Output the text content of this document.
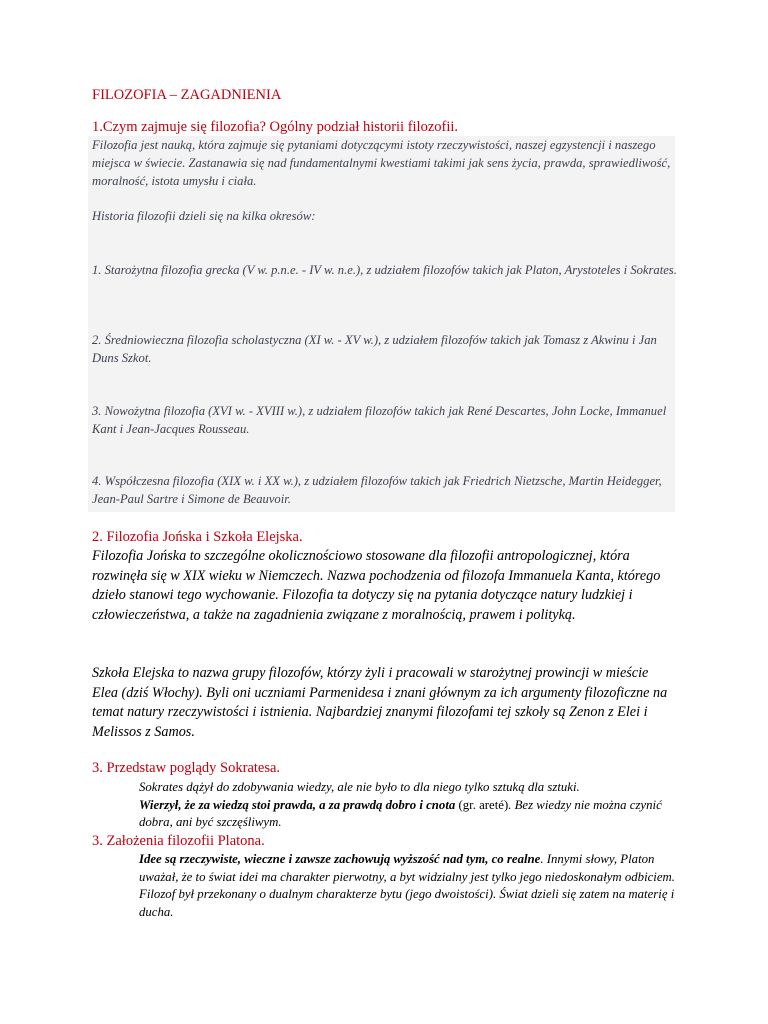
FILOZOFIA – ZAGADNIENIA
1.Czym zajmuje się filozofia? Ogólny podział historii filozofii.

Filozofia jest nauką, która zajmuje się pytaniami dotyczącymi istoty rzeczywistości, naszej egzystencji i naszego miejsca w świecie. Zastanawia się nad fundamentalnymi kwestiami takimi jak sens życia, prawda, sprawiedliwość, moralność, istota umysłu i ciała.

Historia filozofii dzieli się na kilka okresów:

1. Starożytna filozofia grecka (V w. p.n.e. - IV w. n.e.), z udziałem filozofów takich jak Platon, Arystoteles i Sokrates.

2. Średniowieczna filozofia scholastyczna (XI w. - XV w.), z udziałem filozofów takich jak Tomasz z Akwinu i Jan Duns Szkot.

3. Nowożytna filozofia (XVI w. - XVIII w.), z udziałem filozofów takich jak René Descartes, John Locke, Immanuel Kant i Jean-Jacques Rousseau.

4. Współczesna filozofia (XIX w. i XX w.), z udziałem filozofów takich jak Friedrich Nietzsche, Martin Heidegger, Jean-Paul Sartre i Simone de Beauvoir.

2. Filozofia Jońska i Szkoła Elejska.

Filozofia Jońska to szczególne okolicznościowo stosowane dla filozofii antropologicznej, która rozwinęła się w XIX wieku w Niemczech. Nazwa pochodzenia od filozofa Immanuela Kanta, którego dzieło stanowi tego wychowanie. Filozofia ta dotyczy się na pytania dotyczące natury ludzkiej i człowieczeństwa, a także na zagadnienia związane z moralnością, prawem i polityką.

Szkoła Elejska to nazwa grupy filozofów, którzy żyli i pracowali w starożytnej prowincji w mieście Elea (dziś Włochy). Byli oni uczniami Parmenidesa i znani głównym za ich argumenty filozoficzne na temat natury rzeczywistości i istnienia. Najbardziej znanymi filozofami tej szkoły są Zenon z Elei i Melissos z Samos.

3. Przedstaw poglądy Sokratesa.

Sokrates dążył do zdobywania wiedzy, ale nie było to dla niego tylko sztuką dla sztuki.
Wierzył, że za wiedzą stoi prawda, a za prawdą dobro i cnota (gr. areté). Bez wiedzy nie można czynić dobra, ani być szczęśliwym.

3. Założenia filozofii Platona.

Idee są rzeczywiste, wieczne i zawsze zachowują wyższość nad tym, co realne. Innymi słowy, Platon uważał, że to świat idei ma charakter pierwotny, a byt widzialny jest tylko jego niedoskonałym odbiciem. Filozof był przekonany o dualnym charakterze bytu (jego dwoistości). Świat dzieli się zatem na materię i ducha.
